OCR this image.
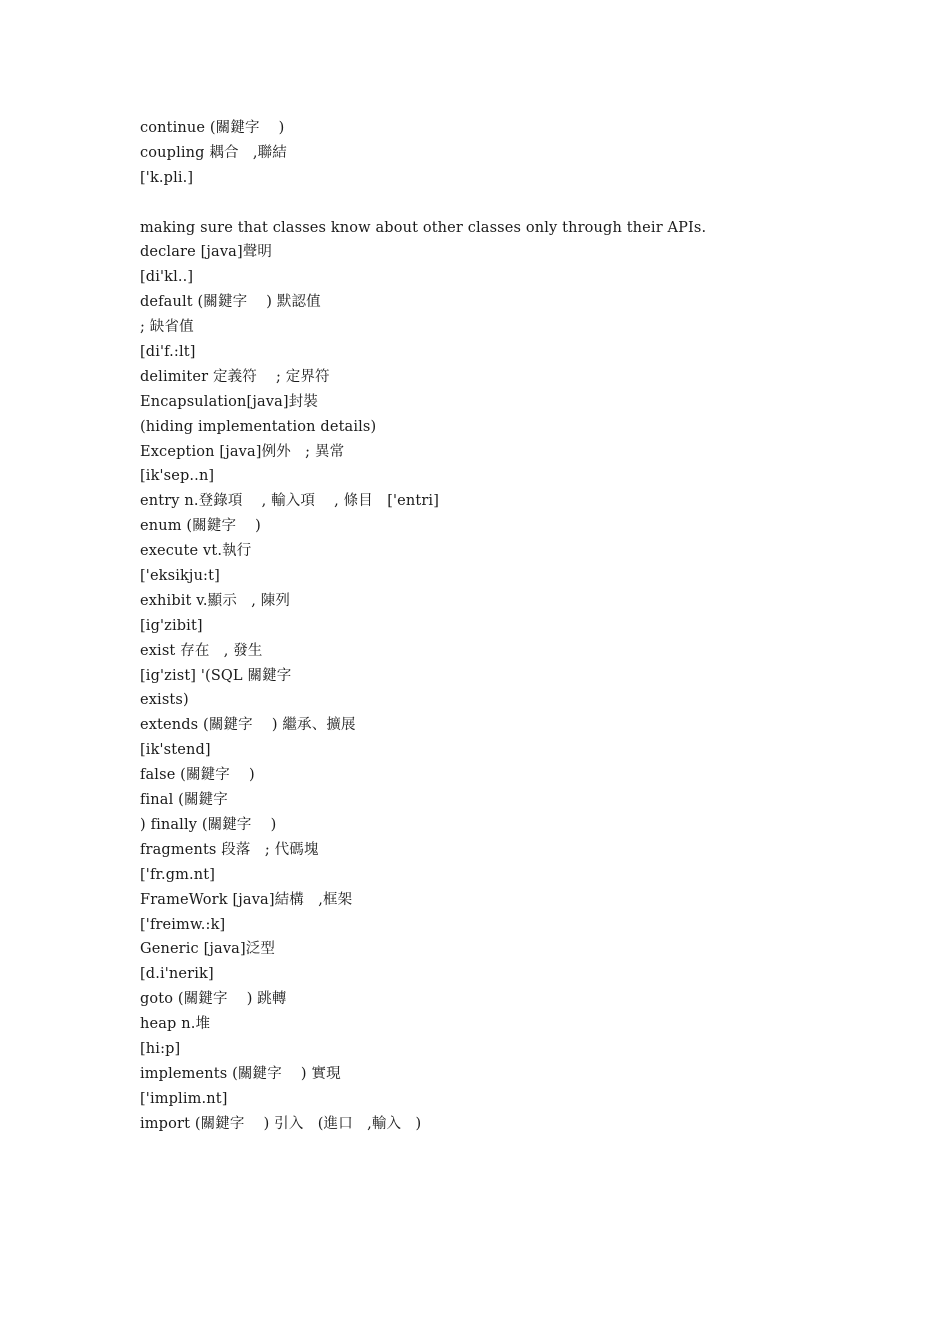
continue (關鍵字    )
coupling 耦合   ,聯結
['k.pli.]
making sure that classes know about other classes only through their APIs.
declare [java]聲明
[di'kl..]
default (關鍵字    ) 默認值
; 缺省值
[di'f.:lt]
delimiter 定義符    ; 定界符
Encapsulation[java]封裝
(hiding implementation details)
Exception [java]例外   ; 異常
[ik'sep..n]
entry n.登錄項    , 輸入項    , 條目   ['entri]
enum (關鍵字    )
execute vt.執行
['eksikju:t]
exhibit v.顯示   , 陳列
[ig'zibit]
exist 存在   , 發生
[ig'zist] '(SQL 關鍵字
exists)
extends (關鍵字    ) 繼承、擴展
[ik'stend]
false (關鍵字    )
final (關鍵字
) finally (關鍵字    )
fragments 段落   ; 代碼塊
['fr.gm.nt]
FrameWork [java]結構   ,框架
['freimw.:k]
Generic [java]泛型
[d.i'nerik]
goto (關鍵字    ) 跳轉
heap n.堆
[hi:p]
implements (關鍵字    ) 實現
['implim.nt]
import (關鍵字    ) 引入   (進口   ,輸入   )
